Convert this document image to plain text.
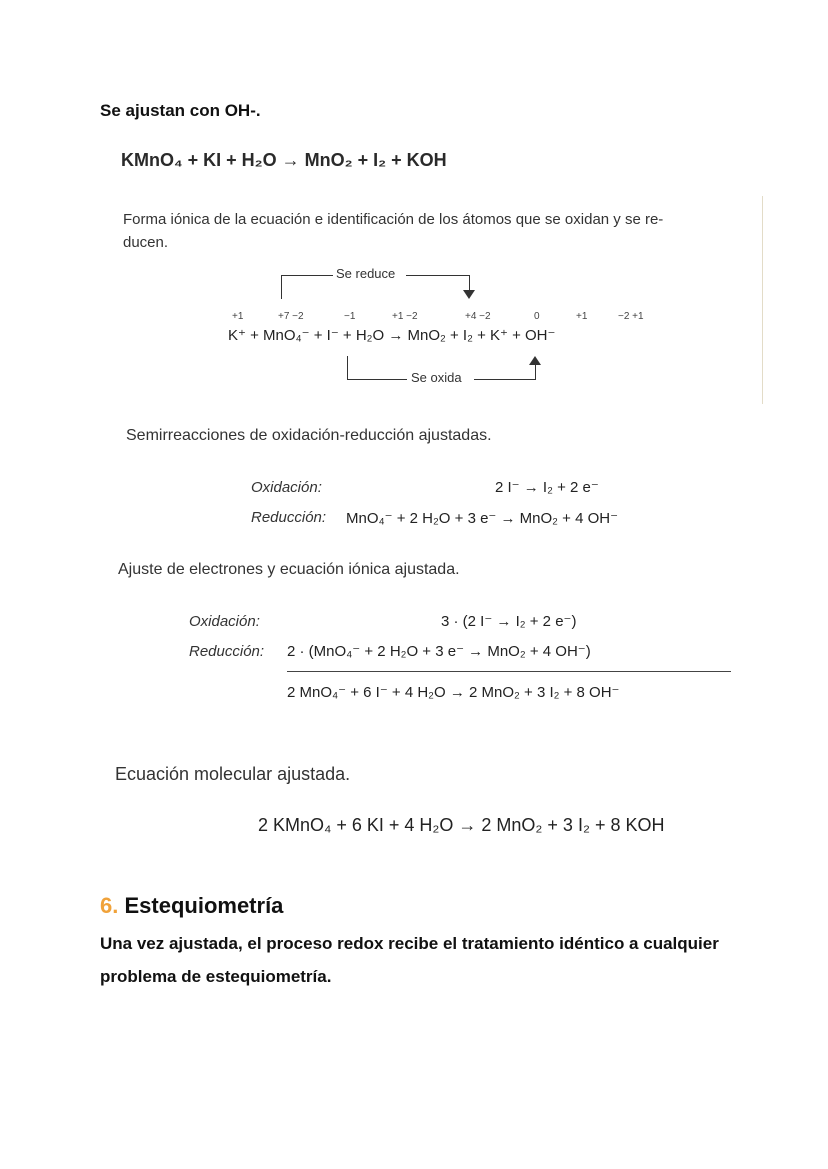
Se ajustan con OH-.
KMnO₄ + KI + H₂O → MnO₂ + I₂ + KOH
Forma iónica de la ecuación e identificación de los átomos que se oxidan y se re-
ducen.
Se reduce
+1	+7 −2	−1	+1 −2	+4 −2	0	+1	−2 +1
K⁺ + MnO₄⁻ + I⁻ + H₂O → MnO₂ + I₂ + K⁺ + OH⁻
Se oxida
Semirreacciones de oxidación-reducción ajustadas.
Oxidación:	2 I⁻ → I₂ + 2 e⁻
Reducción: MnO₄⁻ + 2 H₂O + 3 e⁻ → MnO₂ + 4 OH⁻
Ajuste de electrones y ecuación iónica ajustada.
Oxidación:	3 · (2 I⁻ → I₂ + 2 e⁻)
Reducción: 2 · (MnO₄⁻ + 2 H₂O + 3 e⁻ → MnO₂ + 4 OH⁻)
2 MnO₄⁻ + 6 I⁻ + 4 H₂O → 2 MnO₂ + 3 I₂ + 8 OH⁻
Ecuación molecular ajustada.
2 KMnO₄ + 6 KI + 4 H₂O → 2 MnO₂ + 3 I₂ + 8 KOH
6. Estequiometría
Una vez ajustada, el proceso redox recibe el tratamiento idéntico a cualquier problema de estequiometría.
